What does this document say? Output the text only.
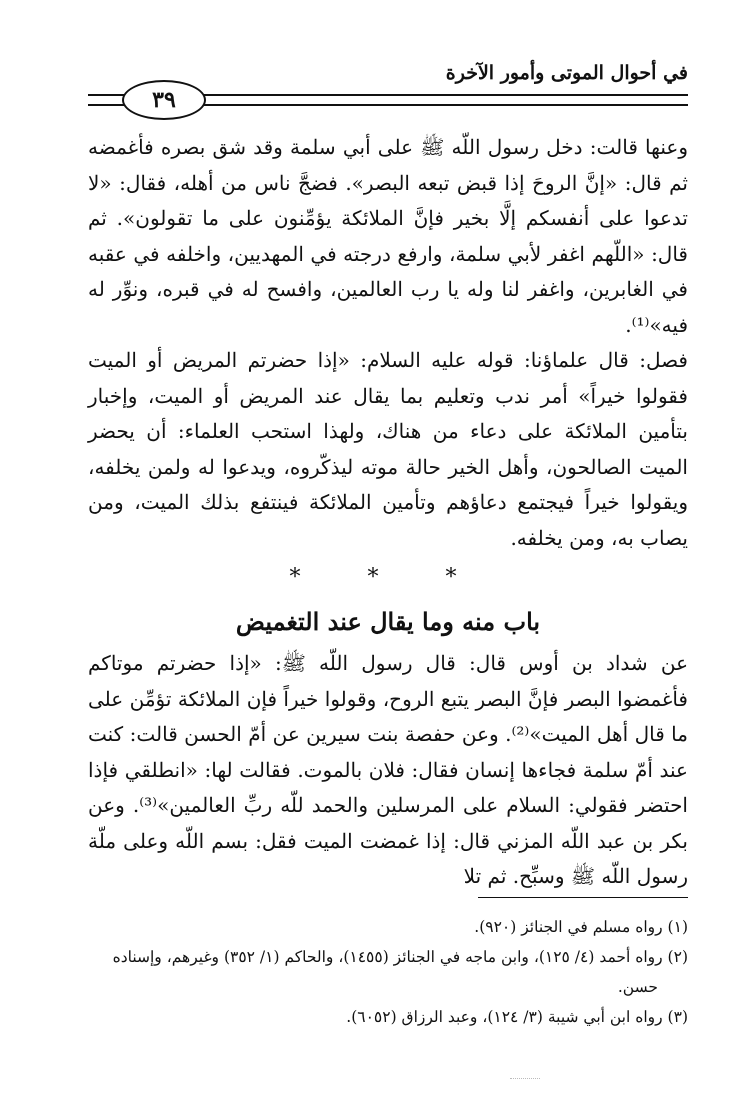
في أحوال الموتى وأمور الآخرة
٣٩

وعنها قالت: دخل رسول اللّه ﷺ على أبي سلمة وقد شق بصره فأغمضه ثم قال: «إنَّ الروحَ إذا قبض تبعه البصر». فضجَّ ناس من أهله، فقال: «لا تدعوا على أنفسكم إلَّا بخير فإنَّ الملائكة يؤمِّنون على ما تقولون». ثم قال: «اللّهم اغفر لأبي سلمة، وارفع درجته في المهديين، واخلفه في عقبه في الغابرين، واغفر لنا وله يا رب العالمين، وافسح له في قبره، ونوِّر له فيه»⁽¹⁾.

فصل: قال علماؤنا: قوله عليه السلام: «إذا حضرتم المريض أو الميت فقولوا خيراً» أمر ندب وتعليم بما يقال عند المريض أو الميت، وإخبار بتأمين الملائكة على دعاء من هناك، ولهذا استحب العلماء: أن يحضر الميت الصالحون، وأهل الخير حالة موته ليذكّروه، ويدعوا له ولمن يخلفه، ويقولوا خيراً فيجتمع دعاؤهم وتأمين الملائكة فينتفع بذلك الميت، ومن يصاب به، ومن يخلفه.

* * *

باب منه وما يقال عند التغميض

عن شداد بن أوس قال: قال رسول اللّه ﷺ: «إذا حضرتم موتاكم فأغمضوا البصر فإنَّ البصر يتبع الروح، وقولوا خيراً فإن الملائكة تؤمِّن على ما قال أهل الميت»⁽²⁾. وعن حفصة بنت سيرين عن أمّ الحسن قالت: كنت عند أمّ سلمة فجاءها إنسان فقال: فلان بالموت. فقالت لها: «انطلقي فإذا احتضر فقولي: السلام على المرسلين والحمد للّه ربِّ العالمين»⁽³⁾. وعن بكر بن عبد اللّه المزني قال: إذا غمضت الميت فقل: بسم اللّه وعلى ملّة رسول اللّه ﷺ وسبِّح. ثم تلا

(١) رواه مسلم في الجنائز (٩٢٠).

(٢) رواه أحمد (٤/ ١٢٥)، وابن ماجه في الجنائز (١٤٥٥)، والحاكم (١/ ٣٥٢) وغيرهم، وإسناده

حسن.

(٣) رواه ابن أبي شيبة (٣/ ١٢٤)، وعبد الرزاق (٦٠٥٢).
